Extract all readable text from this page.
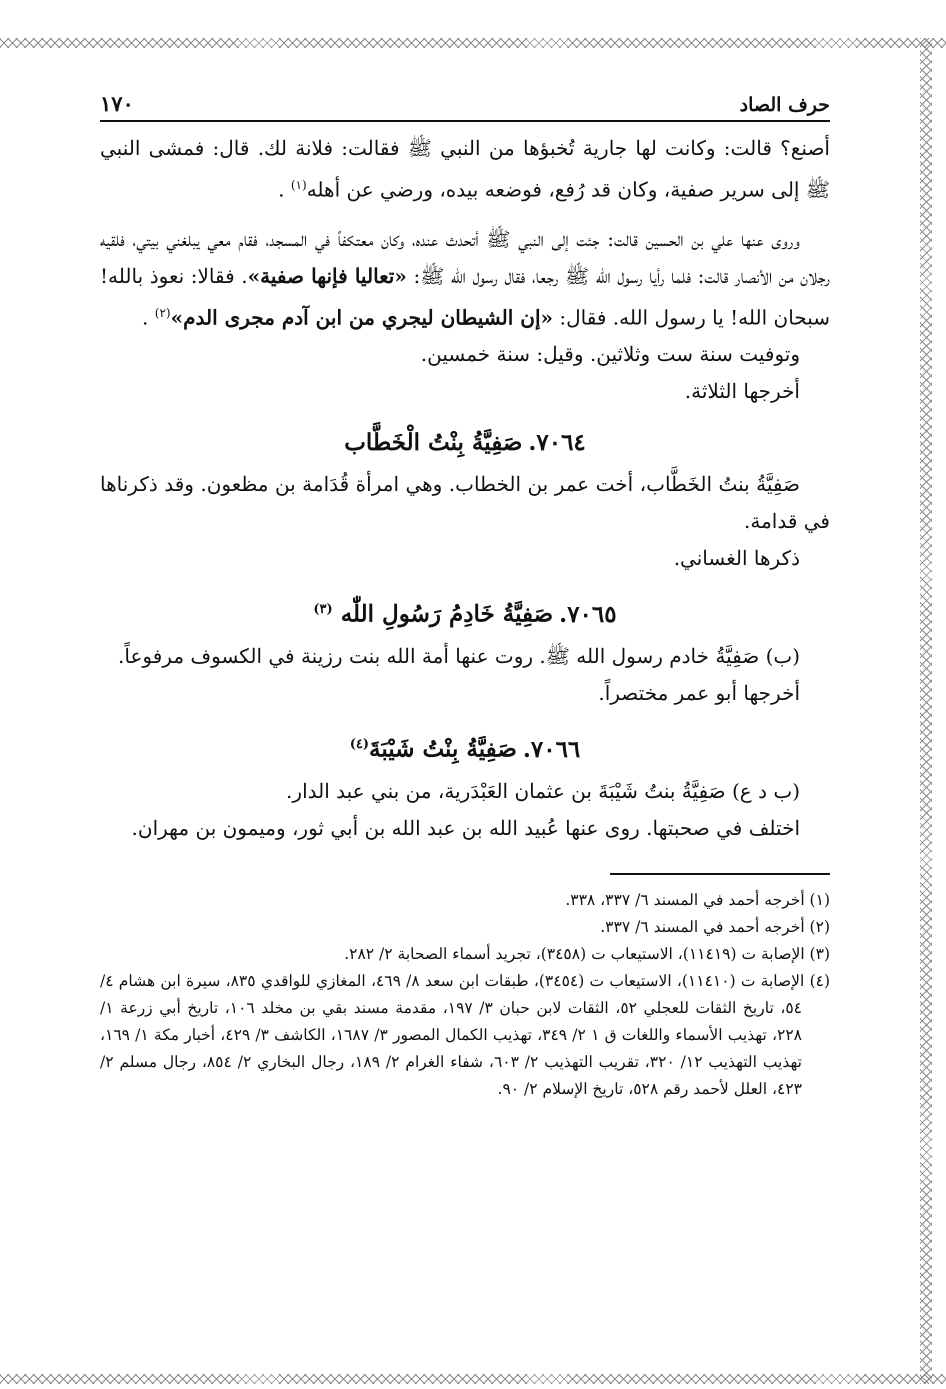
حرف الصاد
١٧٠

أصنع؟ قالت: وكانت لها جارية تُخبؤها من النبي ﷺ فقالت: فلانة لك. قال: فمشى النبي ﷺ إلى سرير صفية، وكان قد رُفع، فوضعه بيده، ورضي عن أهله$^{(١)}$ .

وروى عنها علي بن الحسين قالت: جئت إلى النبي ﷺ أتحدث عنده، وكان معتكفاً في المسجد، فقام معي يبلغني بيتي، فلقيه رجلان من الأنصار قالت: فلما رأيا رسول الله ﷺ رجعا، فقال رسول الله ﷺ: «تعاليا فإنها صفية». فقالا: نعوذ بالله! سبحان الله! يا رسول الله. فقال: «إن الشيطان ليجري من ابن آدم مجرى الدم»$^{(٢)}$ .

وتوفيت سنة ست وثلاثين. وقيل: سنة خمسين.

أخرجها الثلاثة.

٧٠٦٤.صَفِيَّةُ بِنْتُ الْخَطَّاب

صَفِيَّةُ بنتُ الخَطَّاب، أخت عمر بن الخطاب. وهي امرأة قُدَامة بن مظعون. وقد ذكرناها في قدامة.

ذكرها الغساني.

٧٠٦٥.صَفِيَّةُ خَادِمُ رَسُولِ اللّٰه $^{(٣)}$

(ب) صَفِيَّةُ خادم رسول الله ﷺ. روت عنها أمة الله بنت رزينة في الكسوف مرفوعاً.

أخرجها أبو عمر مختصراً.

٧٠٦٦.صَفِيَّةُ بِنْتُ شَيْبَةَ$^{(٤)}$

(ب د ع) صَفِيَّةُ بنتُ شَيْبَةَ بن عثمان العَبْدَرية، من بني عبد الدار.

اختلف في صحبتها. روى عنها عُبيد الله بن عبد الله بن أبي ثور، وميمون بن مهران.

(١) أخرجه أحمد في المسند ٦/ ٣٣٧، ٣٣٨.

(٢) أخرجه أحمد في المسند ٦/ ٣٣٧.

(٣) الإصابة ت (١١٤١٩)، الاستيعاب ت (٣٤٥٨)، تجريد أسماء الصحابة ٢/ ٢٨٢.

(٤) الإصابة ت (١١٤١٠)، الاستيعاب ت (٣٤٥٤)، طبقات ابن سعد ٨/ ٤٦٩، المغازي للواقدي ٨٣٥، سيرة ابن هشام ٤/ ٥٤، تاريخ الثقات للعجلي ٥٢، الثقات لابن حبان ٣/ ١٩٧، مقدمة مسند بقي بن مخلد ١٠٦، تاريخ أبي زرعة ١/ ٢٢٨، تهذيب الأسماء واللغات ق ١ ٢/ ٣٤٩، تهذيب الكمال المصور ٣/ ١٦٨٧، الكاشف ٣/ ٤٢٩، أخبار مكة ١/ ١٦٩، تهذيب التهذيب ١٢/ ٣٢٠، تقريب التهذيب ٢/ ٦٠٣، شفاء الغرام ٢/ ١٨٩، رجال البخاري ٢/ ٨٥٤، رجال مسلم ٢/ ٤٢٣، العلل لأحمد رقم ٥٢٨، تاريخ الإسلام ٢/ ٩٠.
